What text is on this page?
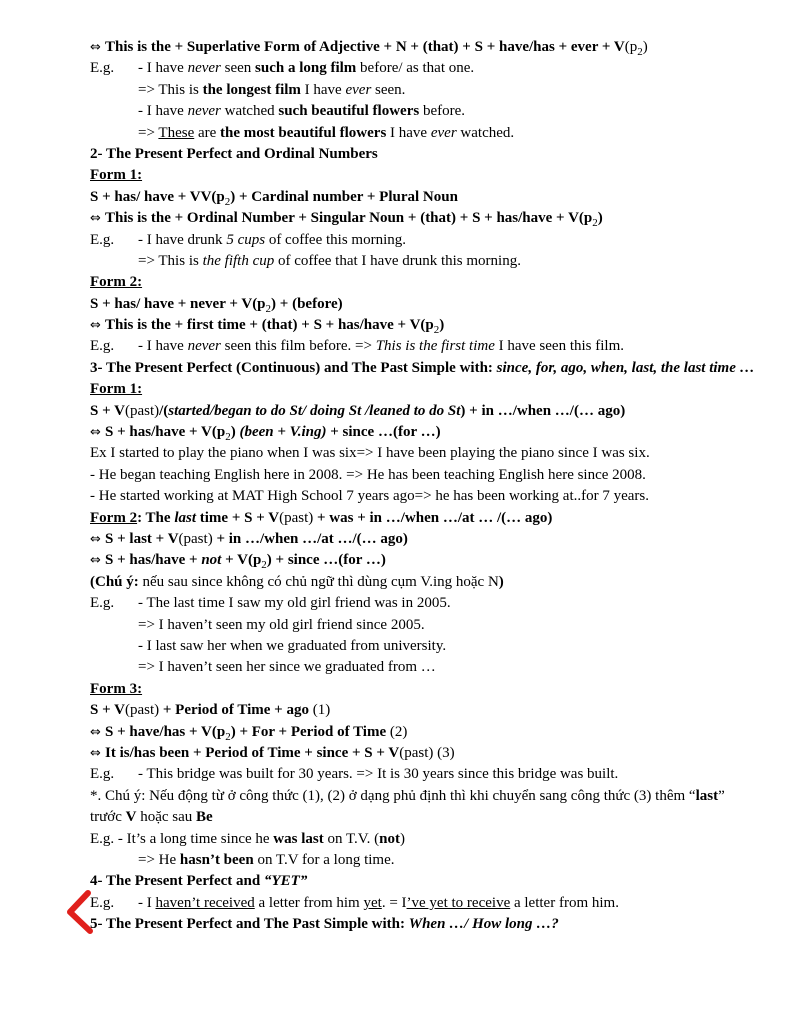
⇔ This is the + Superlative Form of Adjective + N + (that) + S + have/has + ever + $V(p_2)$
E.g. - I have never seen such a long film before/ as that one.
=> This is the longest film I have ever seen.
- I have never watched such beautiful flowers before.
=> These are the most beautiful flowers I have ever watched.
2- The Present Perfect and Ordinal Numbers
Form 1:
S + has/ have + $VV(p_2)$ + Cardinal number + Plural Noun
⇔ This is the + Ordinal Number + Singular Noun + (that) + S + has/have + $V(p_2)$
E.g. - I have drunk 5 cups of coffee this morning.
=> This is the fifth cup of coffee that I have drunk this morning.
Form 2:
S + has/ have + never + $V(p_2)$ + (before)
⇔ This is the + first time + (that) + S + has/have + $V(p_2)$
E.g. - I have never seen this film before. => This is the first time I have seen this film.
3- The Present Perfect (Continuous) and The Past Simple with: since, for, ago, when, last, the last time …
Form 1:
S + V(past)/(started/began to do St/ doing St /leaned to do St) + in …/when …/(… ago)
⇔ S + has/have + $V(p_2)$ (been + V.ing) + since …(for …)
Ex I started to play the piano when I was six=> I have been playing the piano since I was six.
- He began teaching English here in 2008. => He has been teaching English here since 2008.
- He started working at MAT High School 7 years ago=> he has been working at..for 7 years.
Form 2: The last time + S + V(past) + was + in …/when …/at … /(… ago)
⇔ S + last + V(past) + in …/when …/at …/(… ago)
⇔ S + has/have + not + $V(p_2)$ + since …(for …)
(Chú ý: nếu sau since không có chủ ngữ thì dùng cụm V.ing hoặc N)
E.g. - The last time I saw my old girl friend was in 2005.
=> I haven’t seen my old girl friend since 2005.
- I last saw her when we graduated from university.
=> I haven’t seen her since we graduated from …
Form 3:
S + V(past) + Period of Time + ago (1)
⇔ S + have/has + $V(p_2)$ + For + Period of Time (2)
⇔ It is/has been + Period of Time + since + S + V(past) (3)
E.g. - This bridge was built for 30 years. => It is 30 years since this bridge was built.
*. Chú ý: Nếu động từ ở công thức (1), (2) ở dạng phủ định thì khi chuyển sang công thức (3) thêm “last” trước V hoặc sau Be
E.g. - It’s a long time since he was last on T.V. (not)
=> He hasn’t been on T.V for a long time.
4- The Present Perfect and “YET”
E.g. - I haven’t received a letter from him yet. = I’ve yet to receive a letter from him.
5- The Present Perfect and The Past Simple with: When …/ How long …?
